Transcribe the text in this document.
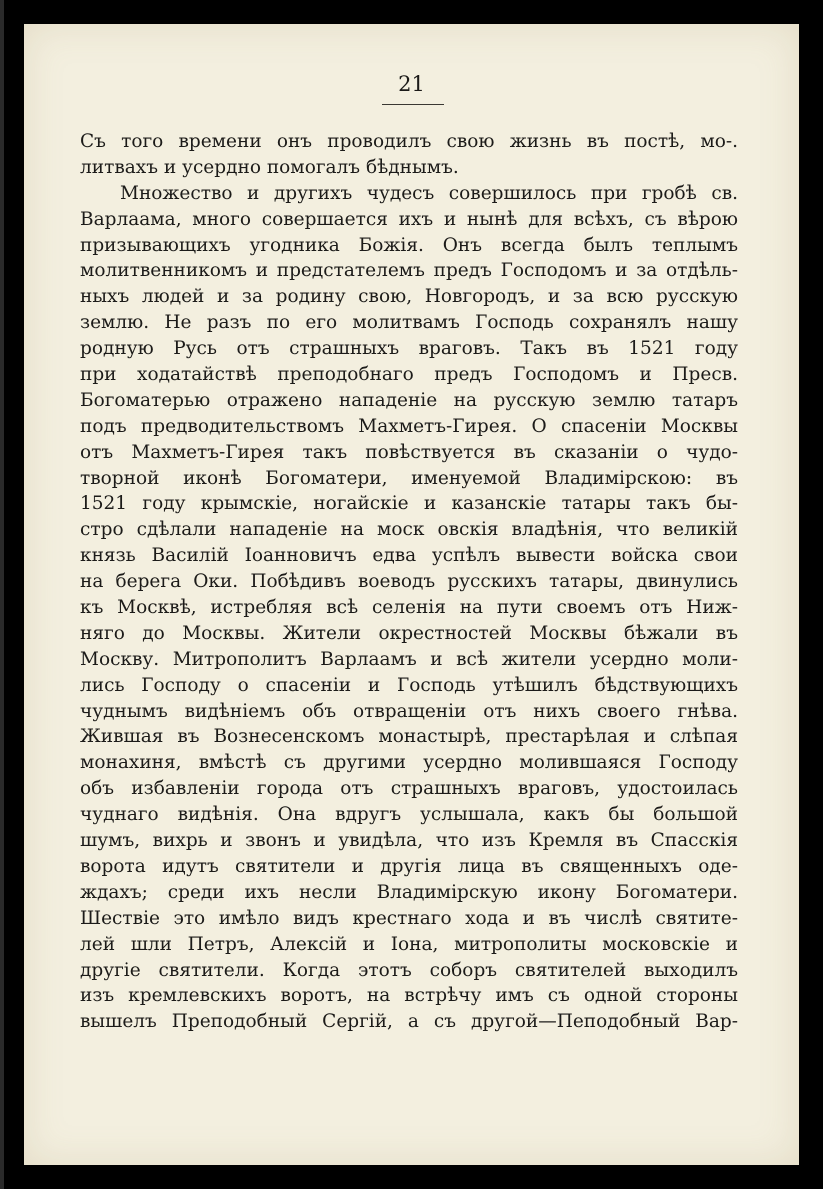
21
Съ того времени онъ проводилъ свою жизнь въ постѣ, мо-.
литвахъ и усердно помогалъ бѣднымъ.
Множество и другихъ чудесъ совершилось при гробѣ св.
Варлаама, много совершается ихъ и нынѣ для всѣхъ, съ вѣрою
призывающихъ угодника Божія. Онъ всегда былъ теплымъ
молитвенникомъ и предстателемъ предъ Господомъ и за отдѣль-
ныхъ людей и за родину свою, Новгородъ, и за всю русскую
землю. Не разъ по его молитвамъ Господь сохранялъ нашу
родную Русь отъ страшныхъ враговъ. Такъ въ 1521 году
при ходатайствѣ преподобнаго предъ Господомъ и Пресв.
Богоматерью отражено нападеніе на русскую землю татаръ
подъ предводительствомъ Махметъ-Гирея. О спасеніи Москвы
отъ Махметъ-Гирея такъ повѣствуется въ сказаніи о чудо-
творной иконѣ Богоматери, именуемой Владимірскою: въ
1521 году крымскіе, ногайскіе и казанскіе татары такъ бы-
стро сдѣлали нападеніе на моск овскія владѣнія, что великій
князь Василій Іоанновичъ едва успѣлъ вывести войска свои
на берега Оки. Побѣдивъ воеводъ русскихъ татары, двинулись
къ Москвѣ, истребляя всѣ селенія на пути своемъ отъ Ниж-
няго до Москвы. Жители окрестностей Москвы бѣжали въ
Москву. Митрополитъ Варлаамъ и всѣ жители усердно моли-
лись Господу о спасеніи и Господь утѣшилъ бѣдствующихъ
чуднымъ видѣніемъ объ отвращеніи отъ нихъ своего гнѣва.
Жившая въ Вознесенскомъ монастырѣ, престарѣлая и слѣпая
монахиня, вмѣстѣ съ другими усердно молившаяся Господу
объ избавленіи города отъ страшныхъ враговъ, удостоилась
чуднаго видѣнія. Она вдругъ услышала, какъ бы большой
шумъ, вихрь и звонъ и увидѣла, что изъ Кремля въ Спасскія
ворота идутъ святители и другія лица въ священныхъ оде-
ждахъ; среди ихъ несли Владимірскую икону Богоматери.
Шествіе это имѣло видъ крестнаго хода и въ числѣ святите-
лей шли Петръ, Алексій и Іона, митрополиты московскіе и
другіе святители. Когда этотъ соборъ святителей выходилъ
изъ кремлевскихъ воротъ, на встрѣчу имъ съ одной стороны
вышелъ Преподобный Сергій, а съ другой—Пеподобный Вар-
